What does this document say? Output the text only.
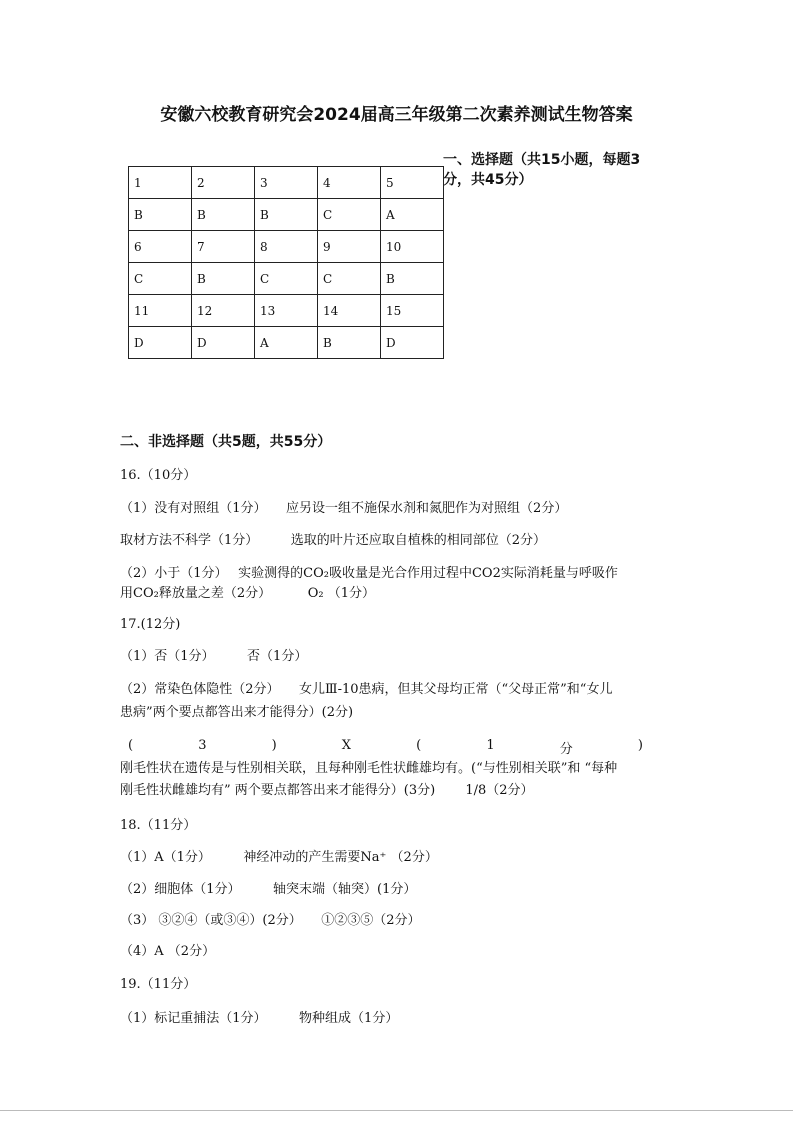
安徽六校教育研究会2024届高三年级第二次素养测试生物答案
一、选择题（共15小题，每题3
分，共45分）
1	2	3	4	5
B	B	B	C	A
6	7	8	9	10
C	B	C	C	B
11	12	13	14	15
D	D	A	B	D
二、非选择题（共5题，共55分）
16.（10分）
（1）没有对照组（1分）　　应另设一组不施保水剂和氮肥作为对照组（2分）
取材方法不科学（1分）　　　选取的叶片还应取自植株的相同部位（2分）
（2）小于（1分）　 实验测得的CO₂吸收量是光合作用过程中CO2实际消耗量与呼吸作
用CO₂释放量之差（2分）　　　 O₂ （1分）
17.(12分)
（1）否（1分）　　　否（1分）
（2）常染色体隐性（2分）　　女儿Ⅲ-10患病，但其父母均正常（“父母正常”和“女儿
患病”两个要点都答出来才能得分）(2分)
(	3	)	X	(	1	分	)
刚毛性状在遗传是与性别相关联，且每种刚毛性状雌雄均有。(“与性别相关联”和 “每种
刚毛性状雌雄均有” 两个要点都答出来才能得分）(3分)　　 1/8（2分）
18.（11分）
（1）A（1分）　　　神经冲动的产生需要Na⁺ （2分）
（2）细胞体（1分）　　　轴突末端（轴突）(1分）
（3） ③②④（或③④）(2分）　　①②③⑤（2分）
（4）A （2分）
19.（11分）
（1）标记重捕法（1分）　　　物种组成（1分）
